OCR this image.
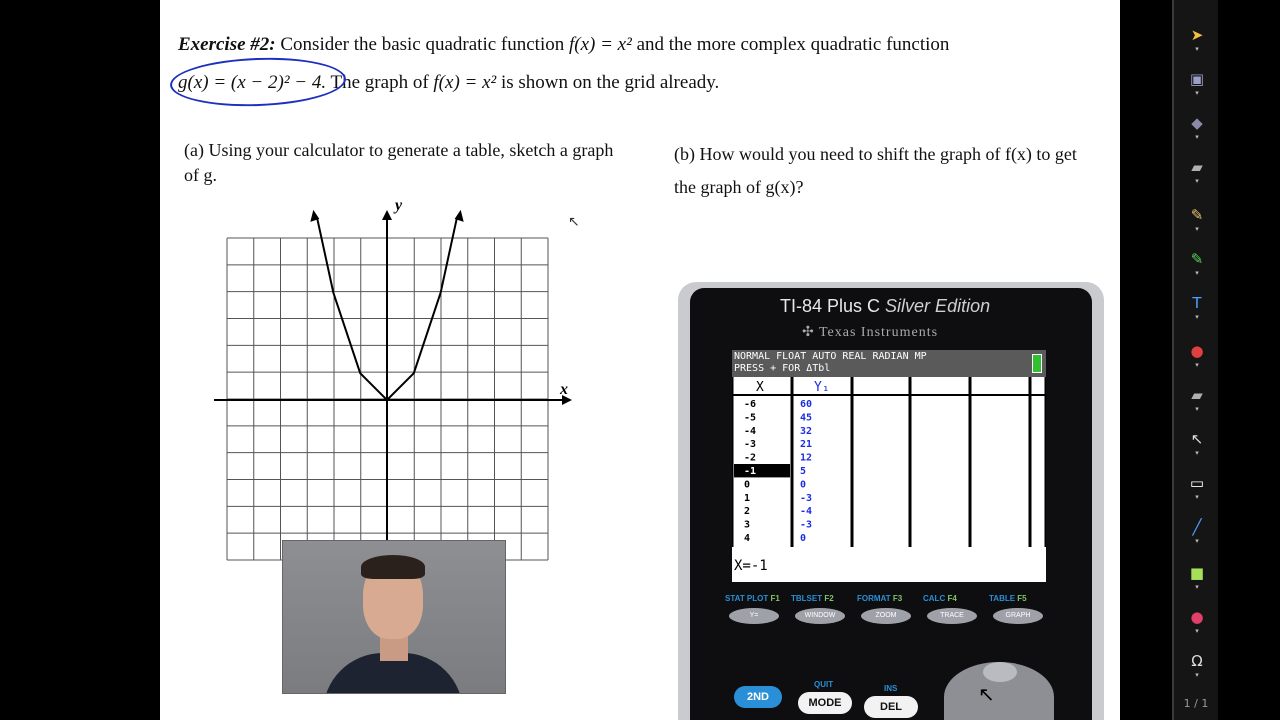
Exercise #2: Consider the basic quadratic function f(x) = x² and the more complex quadratic function
g(x) = (x − 2)² − 4. The graph of f(x) = x² is shown on the grid already.
(a) Using your calculator to generate a table, sketch a graph of g.
(b) How would you need to shift the graph of f(x) to get the graph of g(x)?
x
y
↖
TI-84 Plus C Silver Edition
✣ Texas Instruments
NORMAL FLOAT AUTO REAL RADIAN MP
PRESS + FOR ΔTbl
X	Y₁
-6	60
-5	45
-4	32
-3	21
-2	12
-1	5
0	0
1	-3
2	-4
3	-3
4	0
X=-1
STAT PLOT F1
Y=
TBLSET F2
WINDOW
FORMAT F3
ZOOM
CALC F4
TRACE
TABLE F5
GRAPH
2ND
QUIT
MODE
INS
DEL
↖
➤
▾
▣
▾
◆
▾
▰
▾
✎
▾
✎
▾
T
▾
●
▾
▰
▾
↖
▾
▭
▾
╱
▾
■
▾
●
▾
Ω
▾
1 / 1
